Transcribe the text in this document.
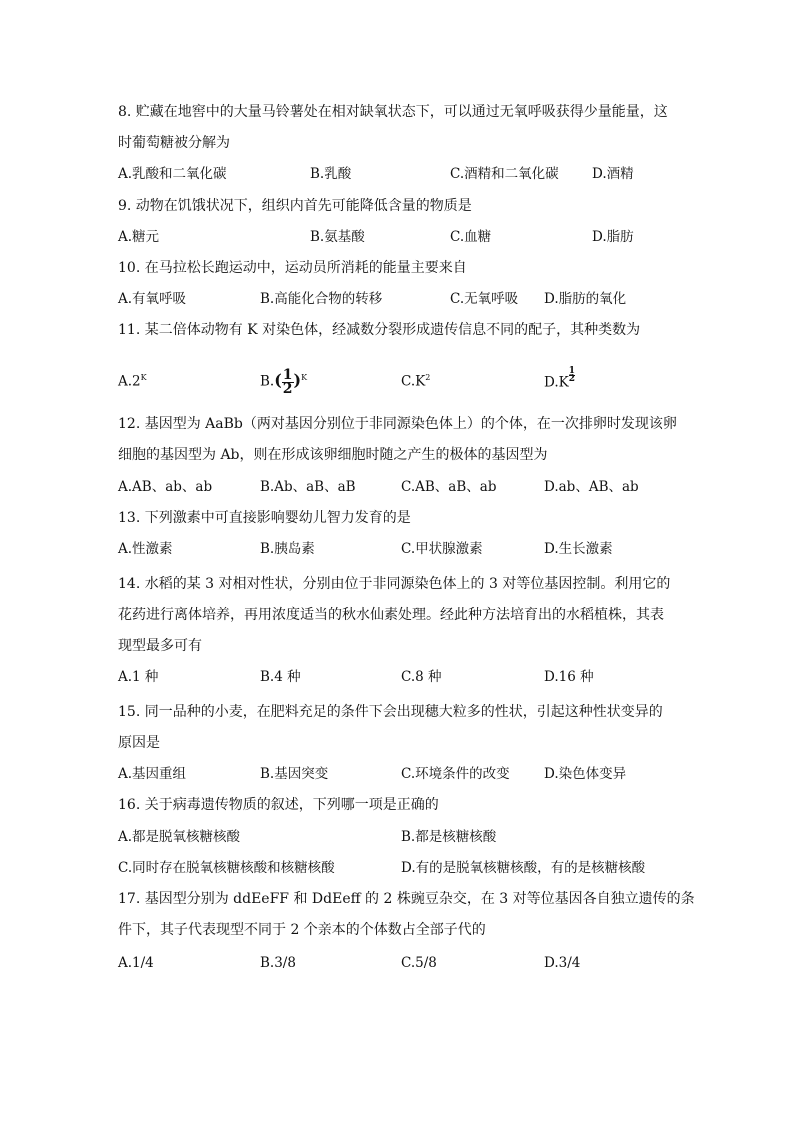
8. 贮藏在地窖中的大量马铃薯处在相对缺氧状态下，可以通过无氧呼吸获得少量能量，这
时葡萄糖被分解为
A.乳酸和二氧化碳	B.乳酸	C.酒精和二氧化碳 D.酒精
9. 动物在饥饿状况下，组织内首先可能降低含量的物质是
A.糖元	B.氨基酸	C.血糖	D.脂肪
10. 在马拉松长跑运动中，运动员所消耗的能量主要来自
A.有氧呼吸	B.高能化合物的转移	C.无氧呼吸 D.脂肪的氧化
11. 某二倍体动物有 K 对染色体，经减数分裂形成遗传信息不同的配子，其种类数为
$A.2^K$	$B.( \frac{1}{2} )^K$	$C.K^2$	$D.K \frac{1}{2}$
12. 基因型为 AaBb（两对基因分别位于非同源染色体上）的个体，在一次排卵时发现该卵
细胞的基因型为 Ab，则在形成该卵细胞时随之产生的极体的基因型为
A.AB、ab、ab	B.Ab、aB、aB	C.AB、aB、ab	D.ab、AB、ab
13. 下列激素中可直接影响婴幼儿智力发育的是
A.性激素	B.胰岛素	C.甲状腺激素	D.生长激素
14. 水稻的某 3 对相对性状，分别由位于非同源染色体上的 3 对等位基因控制。利用它的
花药进行离体培养，再用浓度适当的秋水仙素处理。经此种方法培育出的水稻植株，其表
现型最多可有
A.1 种	B.4 种	C.8 种	D.16 种
15. 同一品种的小麦，在肥料充足的条件下会出现穗大粒多的性状，引起这种性状变异的
原因是
A.基因重组	B.基因突变	C.环境条件的改变	D.染色体变异
16. 关于病毒遗传物质的叙述，下列哪一项是正确的
A.都是脱氧核糖核酸	B.都是核糖核酸
C.同时存在脱氧核糖核酸和核糖核酸	D.有的是脱氧核糖核酸，有的是核糖核酸
17. 基因型分别为 ddEeFF 和 DdEeff 的 2 株豌豆杂交，在 3 对等位基因各自独立遗传的条
件下，其子代表现型不同于 2 个亲本的个体数占全部子代的
A.1/4	B.3/8	C.5/8	D.3/4
